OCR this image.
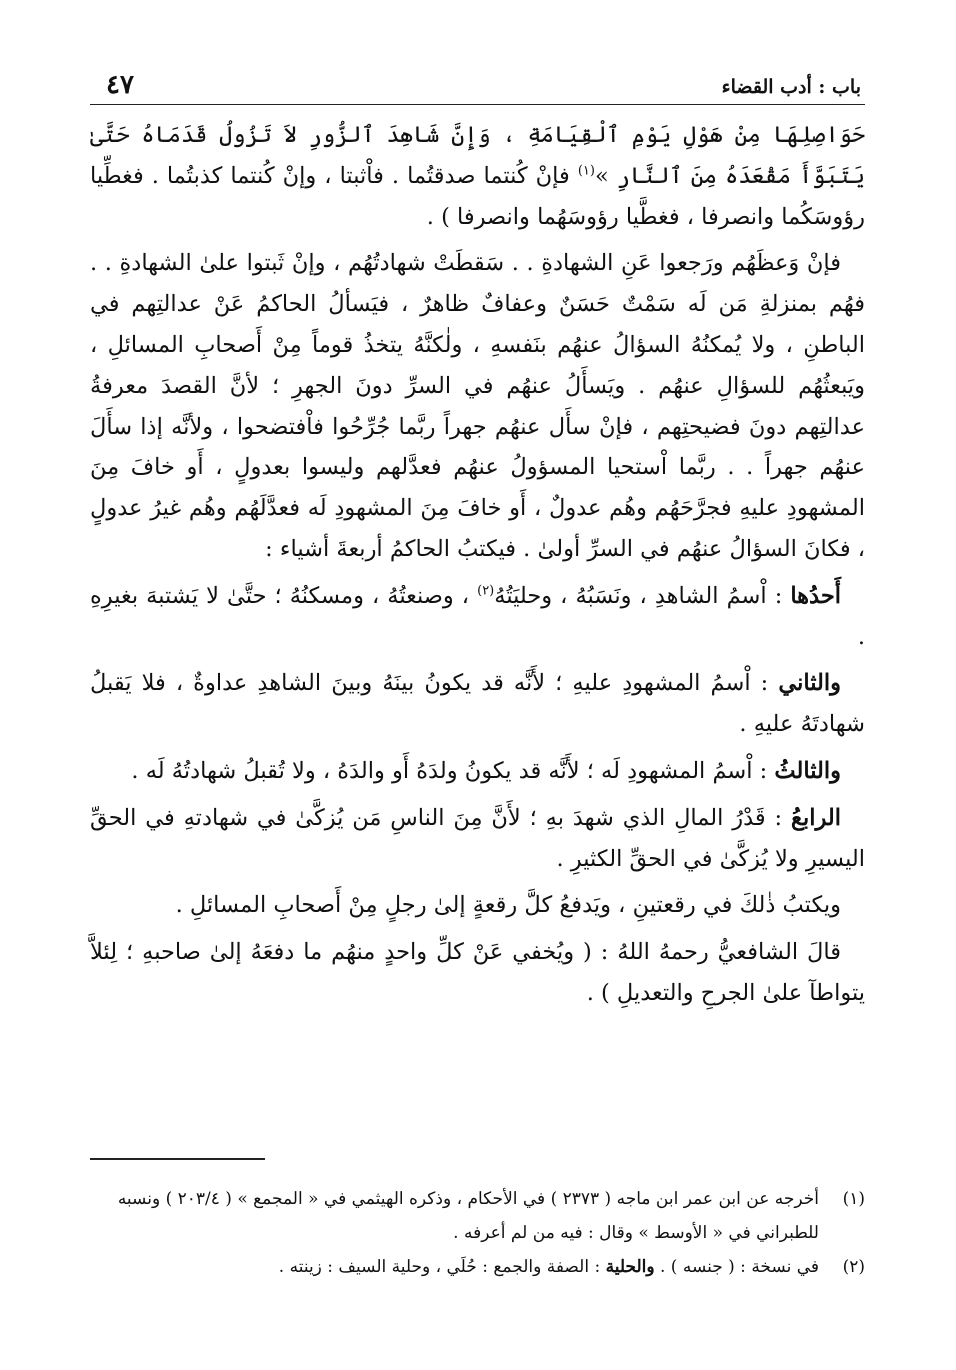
باب : أدب القضاء
٤٧

حَوَاصِلِهَا مِنْ هَوْلِ يَوْمِ ٱلْقِيَامَةِ ، وَإِنَّ شَاهِدَ ٱلزُّورِ لاَ تَزُولُ قَدَمَاهُ حَتَّىٰ يَتَبَوَّأَ مَقْعَدَهُ مِنَ ٱلنَّارِ »$^{(١)}$ فإنْ كُنتما صدقتُما . فاْثبتا ، وإنْ كُنتما كذبتُما . فغطِّيا رؤوسَكُما وانصرفا ، فغطَّيا رؤوسَهُما وانصرفا ) .

فإنْ وَعظَهُم ورَجعوا عَنِ الشهادةِ . . سَقطَتْ شهادتُهُم ، وإنْ ثَبتوا علىٰ الشهادةِ . . فهُم بمنزلةِ مَن لَه سَمْتٌ حَسَنٌ وعفافٌ ظاهرٌ ، فيَسألُ الحاكمُ عَنْ عدالتِهم في الباطنِ ، ولا يُمكنُهُ السؤالُ عنهُم بنَفسهِ ، ولٰكنَّهُ يتخذُ قوماً مِنْ أَصحابِ المسائلِ ، ويَبعثُهُم للسؤالِ عنهُم . ويَسأَلُ عنهُم في السرِّ دونَ الجهرِ ؛ لأنَّ القصدَ معرفةُ عدالتِهم دونَ فضيحتِهم ، فإنْ سأَل عنهُم جهراً ربَّما جُرِّحُوا فاْفتضحوا ، ولأنَّه إذا سأَلَ عنهُم جهراً . . ربَّما اْستحيا المسؤولُ عنهُم فعدَّلهم وليسوا بعدولٍ ، أَو خافَ مِنَ المشهودِ عليهِ فجرَّحَهُم وهُم عدولٌ ، أَو خافَ مِنَ المشهودِ لَه فعدَّلَهُم وهُم غيرُ عدولٍ ، فكانَ السؤالُ عنهُم في السرِّ أولىٰ . فيكتبُ الحاكمُ أربعةَ أشياء :

أَحدُها : اْسمُ الشاهدِ ، ونَسَبُهُ ، وحليَتُهُ$^{(٢)}$ ، وصنعتُهُ ، ومسكنُهُ ؛ حتَّىٰ لا يَشتبهَ بغيرِهِ .

والثاني : اْسمُ المشهودِ عليهِ ؛ لأَنَّه قد يكونُ بينَهُ وبينَ الشاهدِ عداوةٌ ، فلا يَقبلُ شهادتَهُ عليهِ .

والثالثُ : اْسمُ المشهودِ لَه ؛ لأَنَّه قد يكونُ ولدَهُ أَو والدَهُ ، ولا تُقبلُ شهادتُهُ لَه .

الرابعُ : قَدْرُ المالِ الذي شهدَ بهِ ؛ لأَنَّ مِنَ الناسِ مَن يُزكَّىٰ في شهادتهِ في الحقِّ اليسيرِ ولا يُزكَّىٰ في الحقِّ الكثيرِ .

ويكتبُ ذٰلكَ في رقعتينِ ، ويَدفعُ كلَّ رقعةٍ إلىٰ رجلٍ مِنْ أَصحابِ المسائلِ .

قالَ الشافعيُّ رحمهُ اللهُ : ( ويُخفي عَنْ كلِّ واحدٍ منهُم ما دفعَهُ إلىٰ صاحبهِ ؛ لِئلاَّ يتواطآ علىٰ الجرحِ والتعديلِ ) .

(١)
أخرجه عن ابن عمر ابن ماجه ( ٢٣٧٣ ) في الأحكام ، وذكره الهيثمي في « المجمع » ( ٢٠٣/٤ ) ونسبه للطبراني في « الأوسط » وقال : فيه من لم أعرفه .
(٢)
في نسخة : ( جنسه ) . والحلية : الصفة والجمع : حُلَي ، وحلية السيف : زينته .
